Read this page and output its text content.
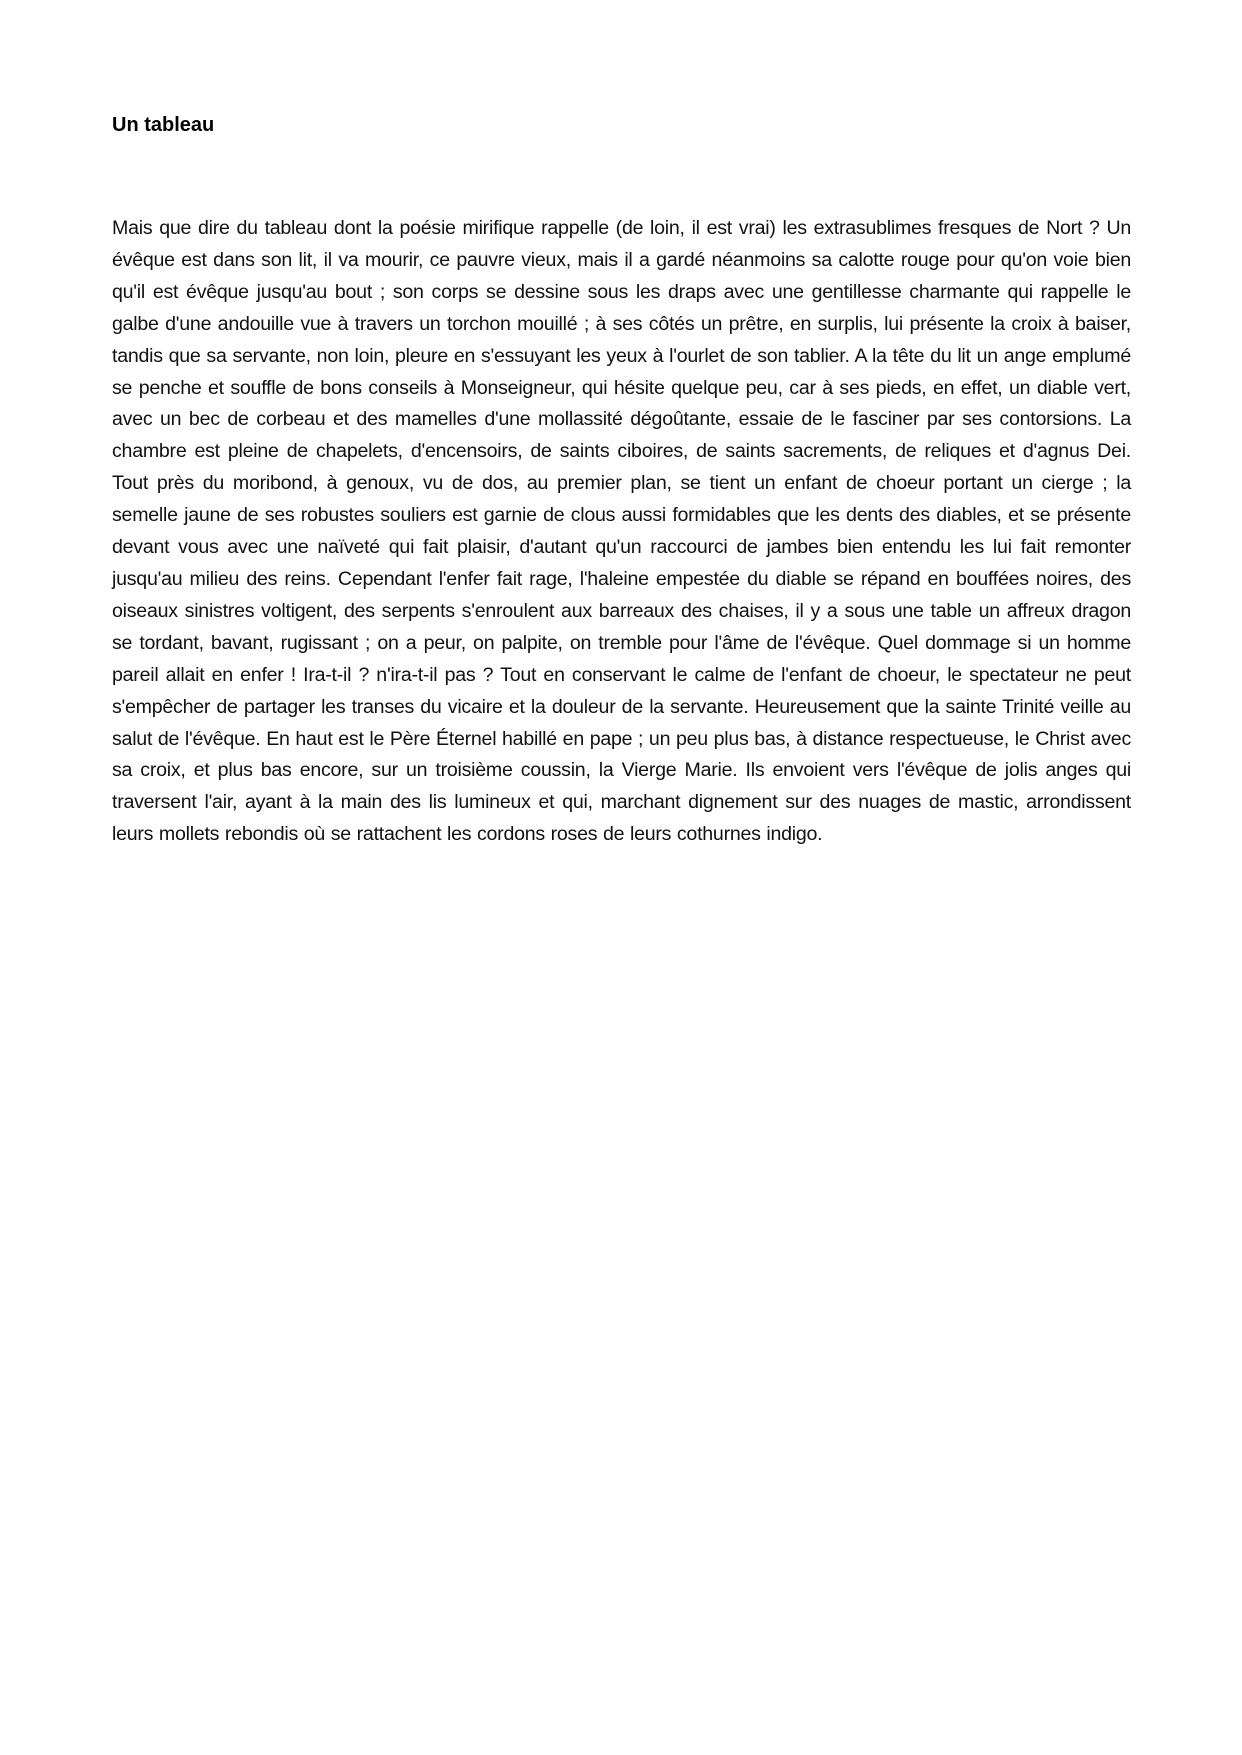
Un tableau

Mais que dire du tableau dont la poésie mirifique rappelle (de loin, il est vrai) les extrasublimes fresques de Nort ? Un évêque est dans son lit, il va mourir, ce pauvre vieux, mais il a gardé néanmoins sa calotte rouge pour qu'on voie bien qu'il est évêque jusqu'au bout ; son corps se dessine sous les draps avec une gentillesse charmante qui rappelle le galbe d'une andouille vue à travers un torchon mouillé ; à ses côtés un prêtre, en surplis, lui présente la croix à baiser, tandis que sa servante, non loin, pleure en s'essuyant les yeux à l'ourlet de son tablier. A la tête du lit un ange emplumé se penche et souffle de bons conseils à Monseigneur, qui hésite quelque peu, car à ses pieds, en effet, un diable vert, avec un bec de corbeau et des mamelles d'une mollassité dégoûtante, essaie de le fasciner par ses contorsions. La chambre est pleine de chapelets, d'encensoirs, de saints ciboires, de saints sacrements, de reliques et d'agnus Dei. Tout près du moribond, à genoux, vu de dos, au premier plan, se tient un enfant de choeur portant un cierge ; la semelle jaune de ses robustes souliers est garnie de clous aussi formidables que les dents des diables, et se présente devant vous avec une naïveté qui fait plaisir, d'autant qu'un raccourci de jambes bien entendu les lui fait remonter jusqu'au milieu des reins. Cependant l'enfer fait rage, l'haleine empestée du diable se répand en bouffées noires, des oiseaux sinistres voltigent, des serpents s'enroulent aux barreaux des chaises, il y a sous une table un affreux dragon se tordant, bavant, rugissant ; on a peur, on palpite, on tremble pour l'âme de l'évêque. Quel dommage si un homme pareil allait en enfer ! Ira-t-il ? n'ira-t-il pas ? Tout en conservant le calme de l'enfant de choeur, le spectateur ne peut s'empêcher de partager les transes du vicaire et la douleur de la servante. Heureusement que la sainte Trinité veille au salut de l'évêque. En haut est le Père Éternel habillé en pape ; un peu plus bas, à distance respectueuse, le Christ avec sa croix, et plus bas encore, sur un troisième coussin, la Vierge Marie. Ils envoient vers l'évêque de jolis anges qui traversent l'air, ayant à la main des lis lumineux et qui, marchant dignement sur des nuages de mastic, arrondissent leurs mollets rebondis où se rattachent les cordons roses de leurs cothurnes indigo.
